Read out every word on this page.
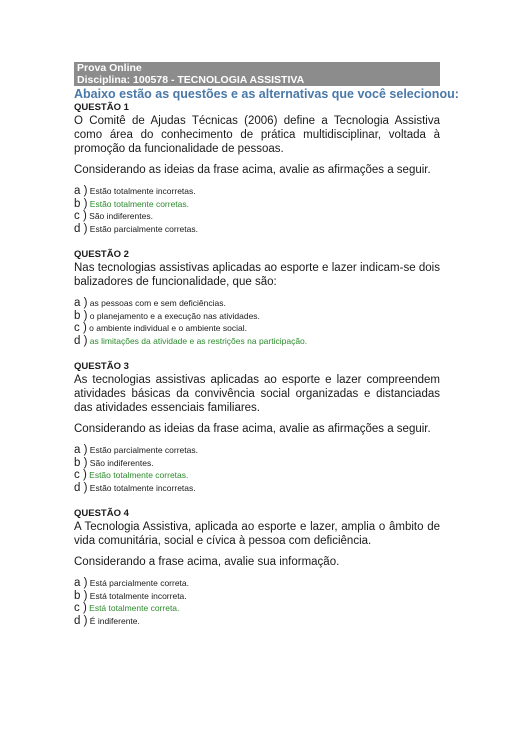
Prova Online
Disciplina: 100578 - TECNOLOGIA ASSISTIVA
Abaixo estão as questões e as alternativas que você selecionou:
QUESTÃO 1
O Comitê de Ajudas Técnicas (2006) define a Tecnologia Assistiva como área do conhecimento de prática multidisciplinar, voltada à promoção da funcionalidade de pessoas.
Considerando as ideias da frase acima, avalie as afirmações a seguir.
a ) Estão totalmente incorretas.
b ) Estão totalmente corretas.
c ) São indiferentes.
d ) Estão parcialmente corretas.
QUESTÃO 2
Nas tecnologias assistivas aplicadas ao esporte e lazer indicam-se dois balizadores de funcionalidade, que são:
a ) as pessoas com e sem deficiências.
b ) o planejamento e a execução nas atividades.
c ) o ambiente individual e o ambiente social.
d ) as limitações da atividade e as restrições na participação.
QUESTÃO 3
As tecnologias assistivas aplicadas ao esporte e lazer compreendem atividades básicas da convivência social organizadas e distanciadas das atividades essenciais familiares.
Considerando as ideias da frase acima, avalie as afirmações a seguir.
a ) Estão parcialmente corretas.
b ) São indiferentes.
c ) Estão totalmente corretas.
d ) Estão totalmente incorretas.
QUESTÃO 4
A Tecnologia Assistiva, aplicada ao esporte e lazer, amplia o âmbito de vida comunitária, social e cívica à pessoa com deficiência.
Considerando a frase acima, avalie sua informação.
a ) Está parcialmente correta.
b ) Está totalmente incorreta.
c ) Está totalmente correta.
d ) É indiferente.
